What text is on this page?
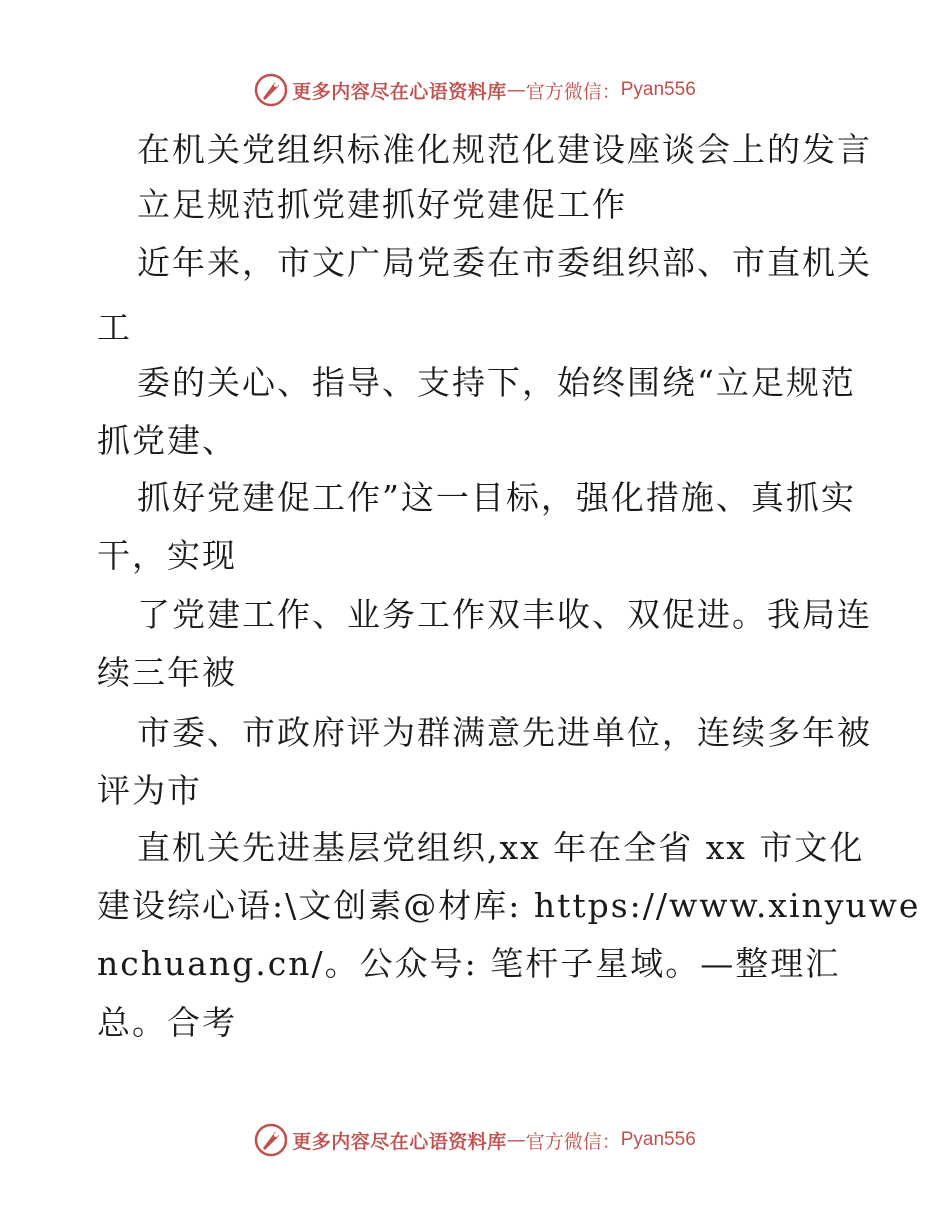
更多内容尽在心语资料库 — 官方微信： Pyan556
在机关党组织标准化规范化建设座谈会上的发言
立足规范抓党建抓好党建促工作
近年来，市文广局党委在市委组织部、市直机关
工
委的关心、指导、支持下，始终围绕“立足规范
抓党建、
抓好党建促工作”这一目标，强化措施、真抓实
干，实现
了党建工作、业务工作双丰收、双促进。我局连
续三年被
市委、市政府评为群满意先进单位，连续多年被
评为市
直机关先进基层党组织,xx 年在全省 xx 市文化
建设综心语:\文创素@材库: https://www.xinyuwe
nchuang.cn/。公众号: 笔杆子星域。—整理汇
总。合考
更多内容尽在心语资料库 — 官方微信： Pyan556
